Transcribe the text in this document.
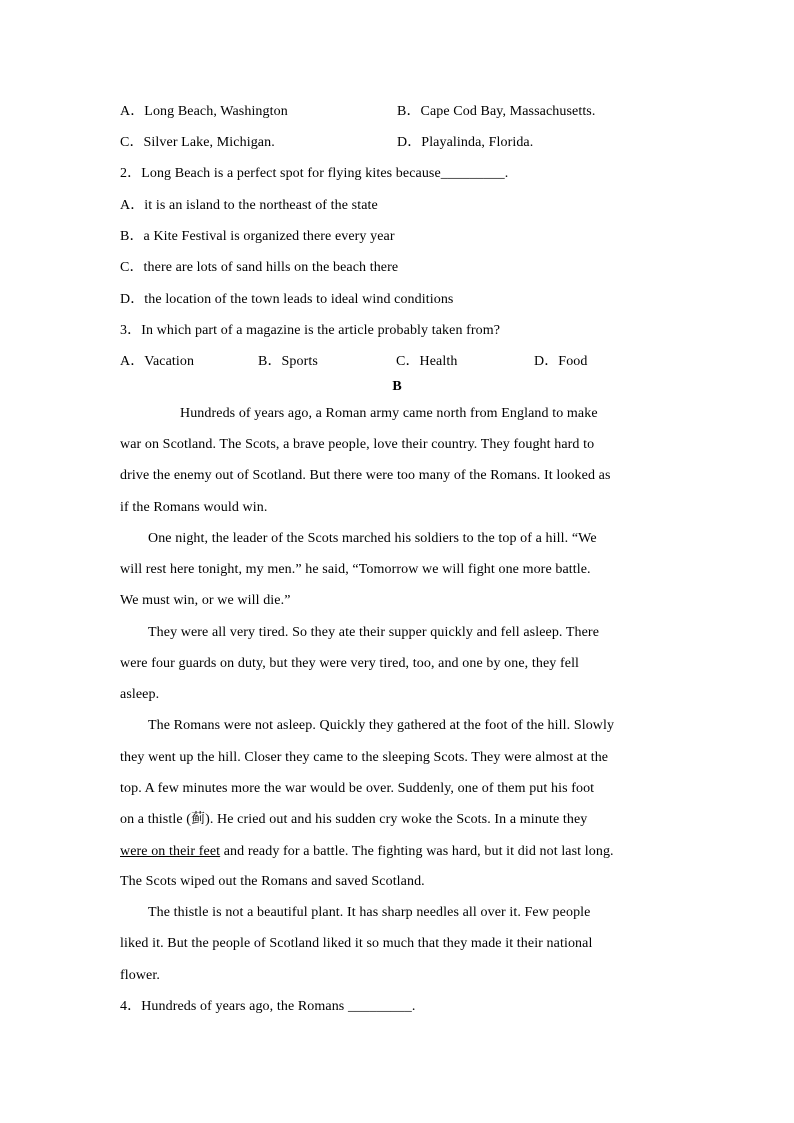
A．Long Beach, Washington	B．Cape Cod Bay, Massachusetts.
C．Silver Lake, Michigan.	D．Playalinda, Florida.
2．Long Beach is a perfect spot for flying kites because_________.
A．it is an island to the northeast of the state
B．a Kite Festival is organized there every year
C．there are lots of sand hills on the beach there
D．the location of the town leads to ideal wind conditions
3．In which part of a magazine is the article probably taken from?
A．Vacation	B．Sports	C．Health	D．Food
B
Hundreds of years ago, a Roman army came north from England to make
war on Scotland. The Scots, a brave people, love their country. They fought hard to
drive the enemy out of Scotland. But there were too many of the Romans. It looked as
if the Romans would win.
One night, the leader of the Scots marched his soldiers to the top of a hill. “We
will rest here tonight, my men.” he said, “Tomorrow we will fight one more battle.
We must win, or we will die.”
They were all very tired. So they ate their supper quickly and fell asleep. There
were four guards on duty, but they were very tired, too, and one by one, they fell
asleep.
The Romans were not asleep. Quickly they gathered at the foot of the hill. Slowly
they went up the hill. Closer they came to the sleeping Scots. They were almost at the
top. A few minutes more the war would be over. Suddenly, one of them put his foot
on a thistle (蓟). He cried out and his sudden cry woke the Scots. In a minute they
were on their feet and ready for a battle. The fighting was hard, but it did not last long.
The Scots wiped out the Romans and saved Scotland.
The thistle is not a beautiful plant. It has sharp needles all over it. Few people
liked it. But the people of Scotland liked it so much that they made it their national
flower.
4．Hundreds of years ago, the Romans _________.
